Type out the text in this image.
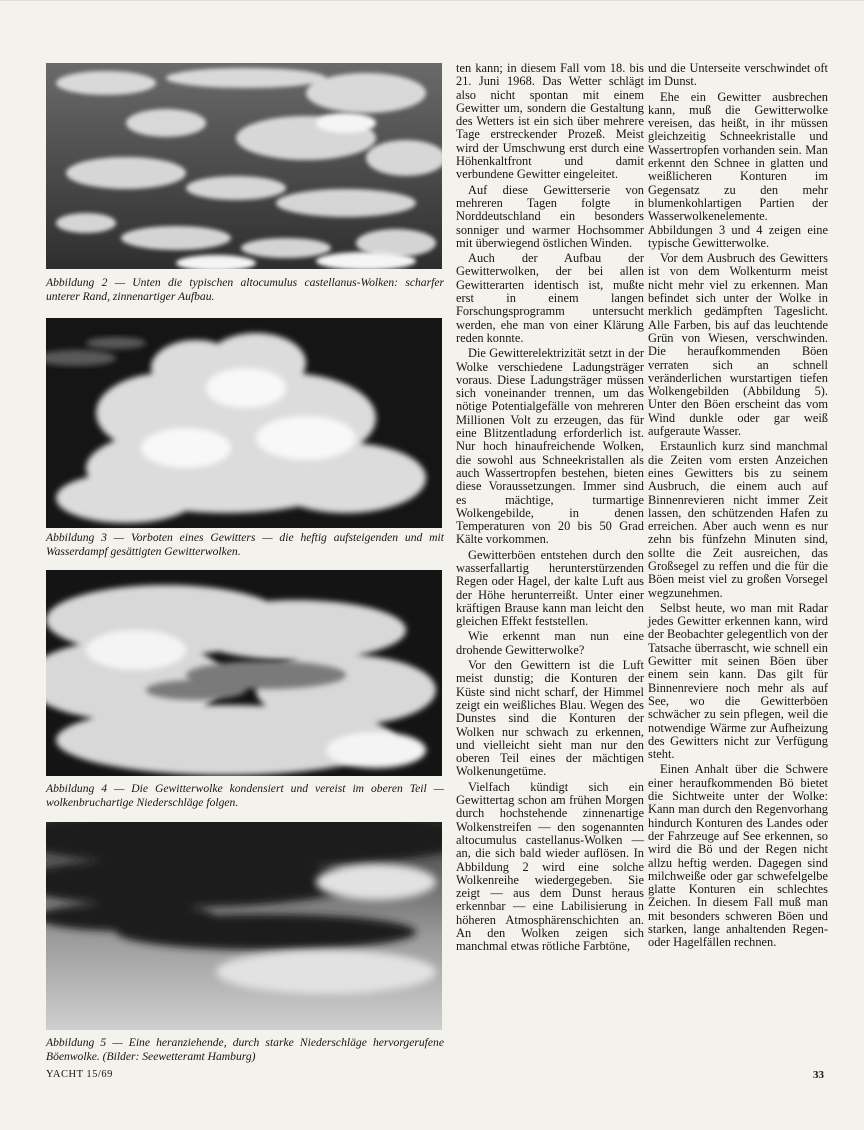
Abbildung 2 — Unten die typischen altocumulus castellanus-Wolken: scharfer unterer Rand, zinnenartiger Aufbau.
Abbildung 3 — Vorboten eines Gewitters — die heftig aufsteigenden und mit Wasserdampf gesättigten Gewitterwolken.
Abbildung 4 — Die Gewitterwolke kondensiert und vereist im oberen Teil — wolkenbruchartige Niederschläge folgen.
Abbildung 5 — Eine heranziehende, durch starke Niederschläge hervorgerufene Böenwolke. (Bilder: Seewetteramt Hamburg)

ten kann; in diesem Fall vom 18. bis 21. Juni 1968. Das Wetter schlägt also nicht spontan mit einem Gewitter um, sondern die Gestaltung des Wetters ist ein sich über mehrere Tage erstreckender Prozeß. Meist wird der Umschwung erst durch eine Höhenkaltfront und damit verbundene Gewitter eingeleitet.

Auf diese Gewitterserie von mehreren Tagen folgte in Norddeutschland ein besonders sonniger und warmer Hochsommer mit überwiegend östlichen Winden.

Auch der Aufbau der Gewitterwolken, der bei allen Gewitterarten identisch ist, mußte erst in einem langen Forschungsprogramm untersucht werden, ehe man von einer Klärung reden konnte.

Die Gewitterelektrizität setzt in der Wolke verschiedene Ladungsträger voraus. Diese Ladungsträger müssen sich voneinander trennen, um das nötige Potentialgefälle von mehreren Millionen Volt zu erzeugen, das für eine Blitzentladung erforderlich ist. Nur hoch hinaufreichende Wolken, die sowohl aus Schneekristallen als auch Wassertropfen bestehen, bieten diese Voraussetzungen. Immer sind es mächtige, turmartige Wolkengebilde, in denen Temperaturen von 20 bis 50 Grad Kälte vorkommen.

Gewitterböen entstehen durch den wasserfallartig herunterstürzenden Regen oder Hagel, der kalte Luft aus der Höhe herunterreißt. Unter einer kräftigen Brause kann man leicht den gleichen Effekt feststellen.

Wie erkennt man nun eine drohende Gewitterwolke?

Vor den Gewittern ist die Luft meist dunstig; die Konturen der Küste sind nicht scharf, der Himmel zeigt ein weißliches Blau. Wegen des Dunstes sind die Konturen der Wolken nur schwach zu erkennen, und vielleicht sieht man nur den oberen Teil eines der mächtigen Wolkenungetüme.

Vielfach kündigt sich ein Gewittertag schon am frühen Morgen durch hochstehende zinnenartige Wolkenstreifen — den sogenannten altocumulus castellanus-Wolken — an, die sich bald wieder auflösen. In Abbildung 2 wird eine solche Wolkenreihe wiedergegeben. Sie zeigt — aus dem Dunst heraus erkennbar — eine Labilisierung in höheren Atmosphärenschichten an. An den Wolken zeigen sich manchmal etwas rötliche Farbtöne,

und die Unterseite verschwindet oft im Dunst.

Ehe ein Gewitter ausbrechen kann, muß die Gewitterwolke vereisen, das heißt, in ihr müssen gleichzeitig Schneekristalle und Wassertropfen vorhanden sein. Man erkennt den Schnee in glatten und weißlicheren Konturen im Gegensatz zu den mehr blumenkohlartigen Partien der Wasserwolkenelemente. Abbildungen 3 und 4 zeigen eine typische Gewitterwolke.

Vor dem Ausbruch des Gewitters ist von dem Wolkenturm meist nicht mehr viel zu erkennen. Man befindet sich unter der Wolke in merklich gedämpften Tageslicht. Alle Farben, bis auf das leuchtende Grün von Wiesen, verschwinden. Die heraufkommenden Böen verraten sich an schnell veränderlichen wurstartigen tiefen Wolkengebilden (Abbildung 5). Unter den Böen erscheint das vom Wind dunkle oder gar weiß aufgeraute Wasser.

Erstaunlich kurz sind manchmal die Zeiten vom ersten Anzeichen eines Gewitters bis zu seinem Ausbruch, die einem auch auf Binnenrevieren nicht immer Zeit lassen, den schützenden Hafen zu erreichen. Aber auch wenn es nur zehn bis fünfzehn Minuten sind, sollte die Zeit ausreichen, das Großsegel zu reffen und die für die Böen meist viel zu großen Vorsegel wegzunehmen.

Selbst heute, wo man mit Radar jedes Gewitter erkennen kann, wird der Beobachter gelegentlich von der Tatsache überrascht, wie schnell ein Gewitter mit seinen Böen über einem sein kann. Das gilt für Binnenreviere noch mehr als auf See, wo die Gewitterböen schwächer zu sein pflegen, weil die notwendige Wärme zur Aufheizung des Gewitters nicht zur Verfügung steht.

Einen Anhalt über die Schwere einer heraufkommenden Bö bietet die Sichtweite unter der Wolke: Kann man durch den Regenvorhang hindurch Konturen des Landes oder der Fahrzeuge auf See erkennen, so wird die Bö und der Regen nicht allzu heftig werden. Dagegen sind milchweiße oder gar schwefelgelbe glatte Konturen ein schlechtes Zeichen. In diesem Fall muß man mit besonders schweren Böen und starken, lange anhaltenden Regen- oder Hagelfällen rechnen.

YACHT 15/69	33
